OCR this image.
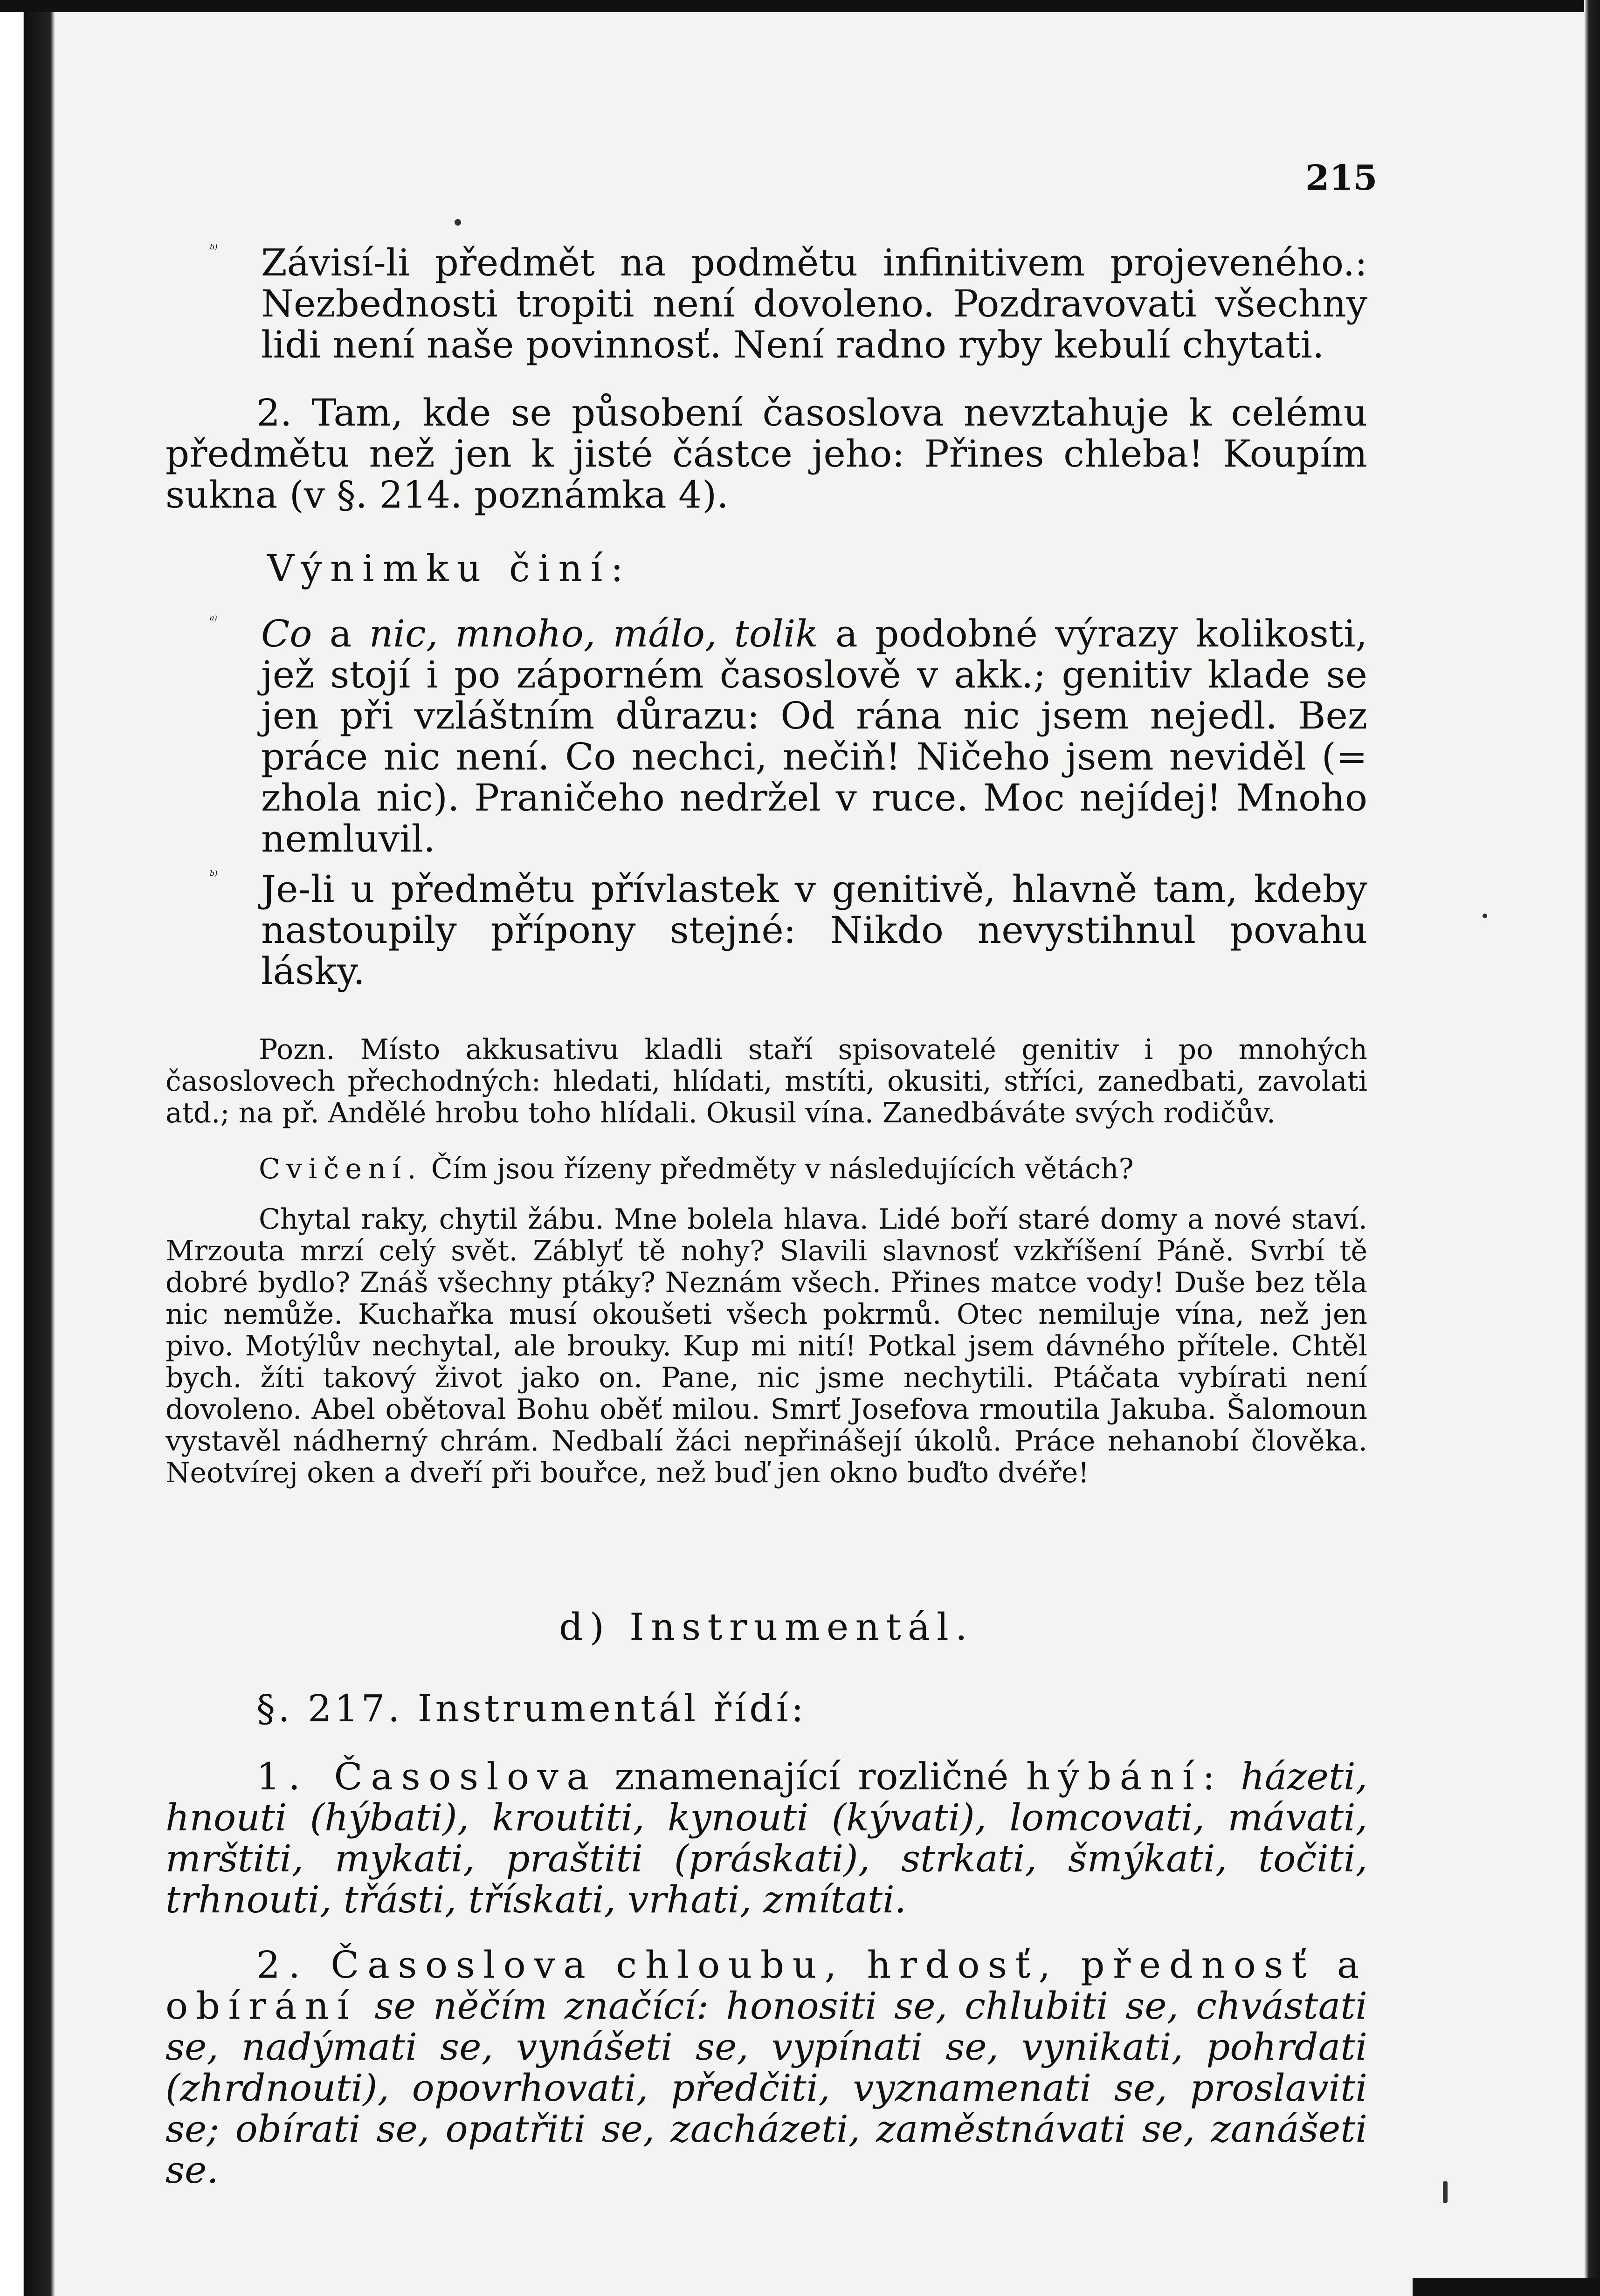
215
b)	Závisí-li předmět na podmětu infinitivem projeveného.: Nezbednosti tropiti není dovoleno. Pozdravovati všechny lidi není naše povinnosť. Není radno ryby kebulí chytati.

2. Tam, kde se působení časoslova nevztahuje k celému předmětu než jen k jisté částce jeho: Přines chleba! Koupím sukna (v §. 214. poznámka 4).

Výnimku činí:

a)	Co a nic, mnoho, málo, tolik a podobné výrazy kolikosti, jež stojí i po záporném časoslově v akk.; genitiv klade se jen při vzláštním důrazu: Od rána nic jsem nejedl. Bez práce nic není. Co nechci, nečiň! Ničeho jsem neviděl (= zhola nic). Praničeho nedržel v ruce. Moc nejídej! Mnoho nemluvil.

b)	Je-li u předmětu přívlastek v genitivě, hlavně tam, kdeby nastoupily přípony stejné: Nikdo nevystihnul povahu lásky.

Pozn. Místo akkusativu kladli staří spisovatelé genitiv i po mnohých časoslovech přechodných: hledati, hlídati, mstíti, okusiti, stříci, zanedbati, zavolati atd.; na př. Andělé hrobu toho hlídali. Okusil vína. Zanedbáváte svých rodičův.

Cvičení. Čím jsou řízeny předměty v následujících větách?

Chytal raky, chytil žábu. Mne bolela hlava. Lidé boří staré domy a nové staví. Mrzouta mrzí celý svět. Záblyť tě nohy? Slavili slavnosť vzkříšení Páně. Svrbí tě dobré bydlo? Znáš všechny ptáky? Neznám všech. Přines matce vody! Duše bez těla nic nemůže. Kuchařka musí okoušeti všech pokrmů. Otec nemiluje vína, než jen pivo. Motýlův nechytal, ale brouky. Kup mi nití! Potkal jsem dávného přítele. Chtěl bych. žíti takový život jako on. Pane, nic jsme nechytili. Ptáčata vybírati není dovoleno. Abel obětoval Bohu oběť milou. Smrť Josefova rmoutila Jakuba. Šalomoun vystavěl nádherný chrám. Nedbalí žáci nepřinášejí úkolů. Práce nehanobí člověka. Neotvírej oken a dveří při bouřce, než buď jen okno buďto dvéře!

d) Instrumentál.

§. 217. Instrumentál řídí:

1. Časoslova znamenající rozličné hýbání: házeti, hnouti (hýbati), kroutiti, kynouti (kývati), lomcovati, mávati, mrštiti, mykati, praštiti (práskati), strkati, šmýkati, točiti, trhnouti, třásti, třískati, vrhati, zmítati.

2. Časoslova chloubu, hrdosť, přednosť a obírání se něčím značící: honositi se, chlubiti se, chvástati se, nadýmati se, vynášeti se, vypínati se, vynikati, pohrdati (zhrdnouti), opovrhovati, předčiti, vyznamenati se, proslaviti se; obírati se, opatřiti se, zacházeti, zaměstnávati se, zanášeti se.
